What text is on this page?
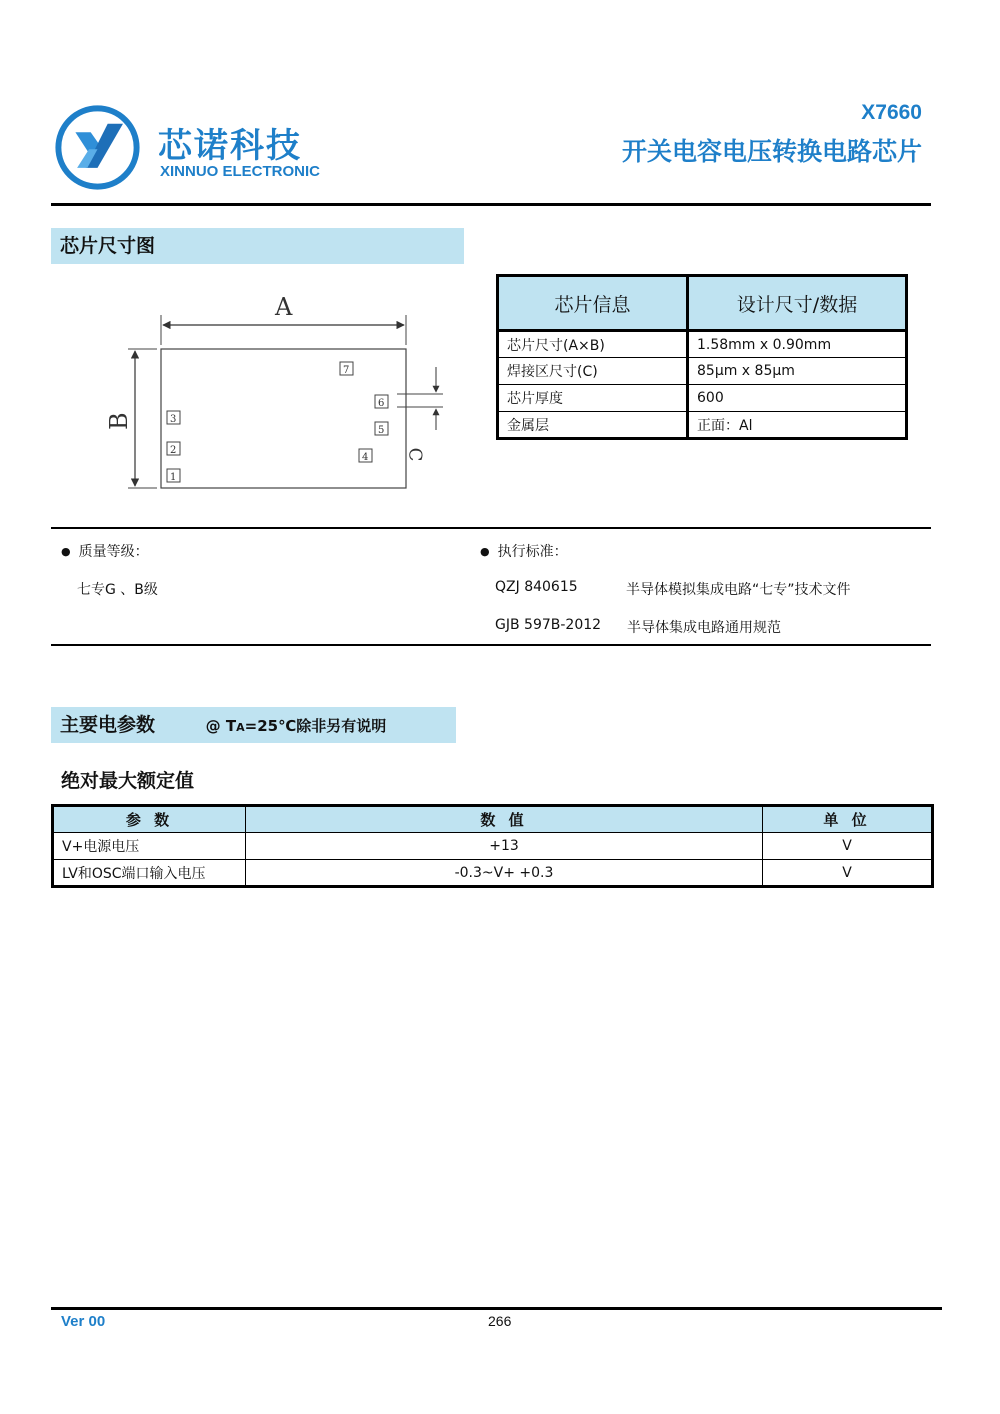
芯诺科技
XINNUO ELECTRONIC
X7660
开关电容电压转换电路芯片
芯片尺寸图
A
B
1
2
3
4
5
6
7
C
芯片信息	设计尺寸/数据
芯片尺寸(A×B)	1.58mm x 0.90mm
焊接区尺寸(C)	85μm x 85μm
芯片厚度	600
金属层	正面：Al
● 质量等级：
七专G 、B级
● 执行标准：
QZJ 840615	半导体模拟集成电路“七专”技术文件
GJB 597B-2012 半导体集成电路通用规范
主要电参数	@ TA=25℃除非另有说明
绝对最大额定值
参 数	数 值	单 位
V+电源电压	+13	V
LV和OSC端口输入电压	-0.3~V+ +0.3	V
Ver 00	266
